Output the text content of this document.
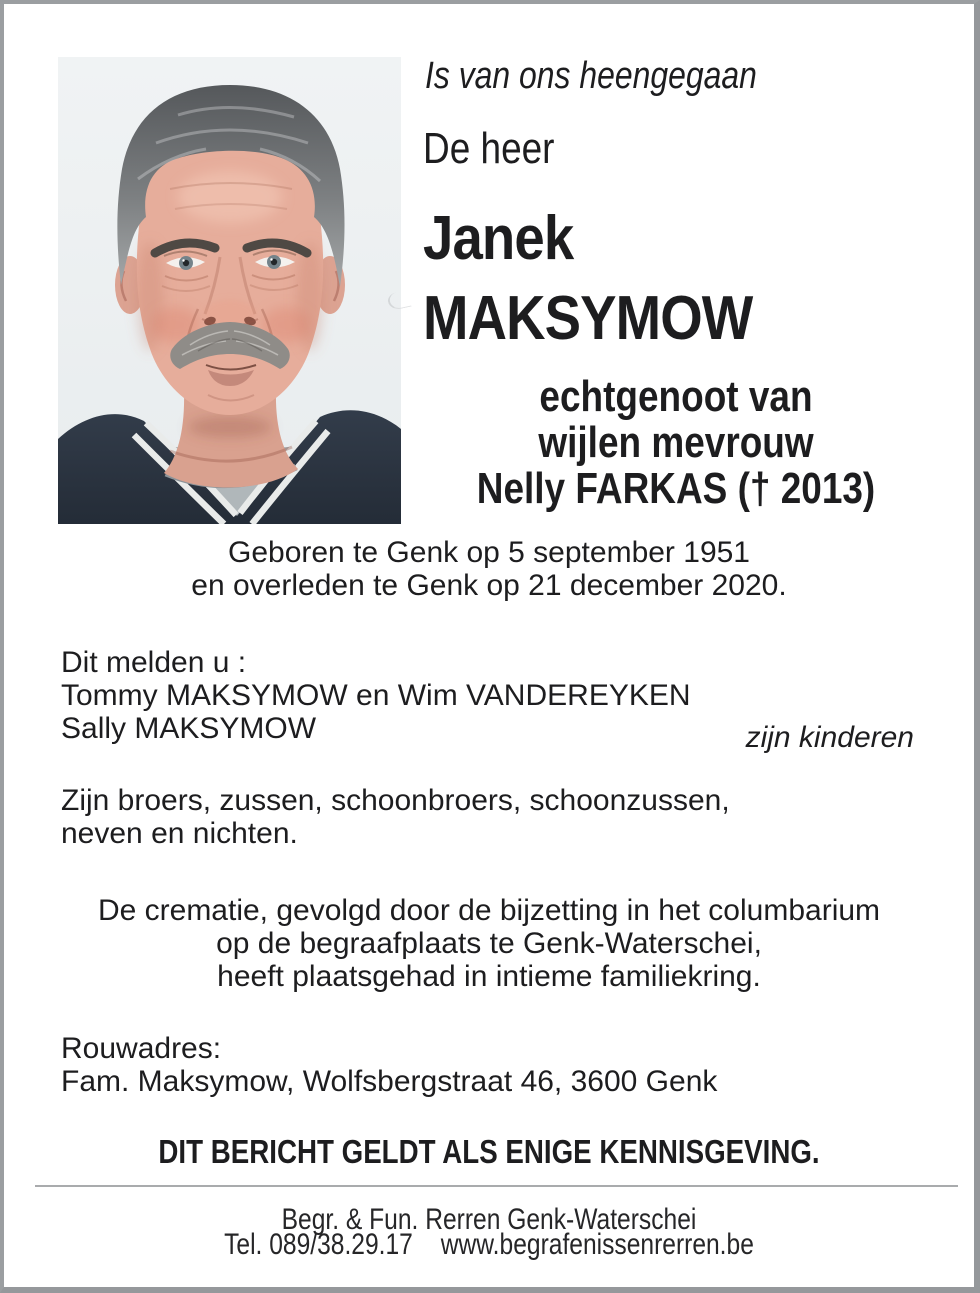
Is van ons heengegaan
De heer
Janek
MAKSYMOW
echtgenoot van
wijlen mevrouw
Nelly FARKAS († 2013)
Geboren te Genk op 5 september 1951
en overleden te Genk op 21 december 2020.
Dit melden u :
Tommy MAKSYMOW en Wim VANDEREYKEN
Sally MAKSYMOW	zijn kinderen
Zijn broers, zussen, schoonbroers, schoonzussen,
neven en nichten.
De crematie, gevolgd door de bijzetting in het columbarium
op de begraafplaats te Genk-Waterschei,
heeft plaatsgehad in intieme familiekring.
Rouwadres:
Fam. Maksymow, Wolfsbergstraat 46, 3600 Genk
DIT BERICHT GELDT ALS ENIGE KENNISGEVING.
Begr. & Fun. Rerren Genk-Waterschei
Tel. 089/38.29.17 www.begrafenissenrerren.be
